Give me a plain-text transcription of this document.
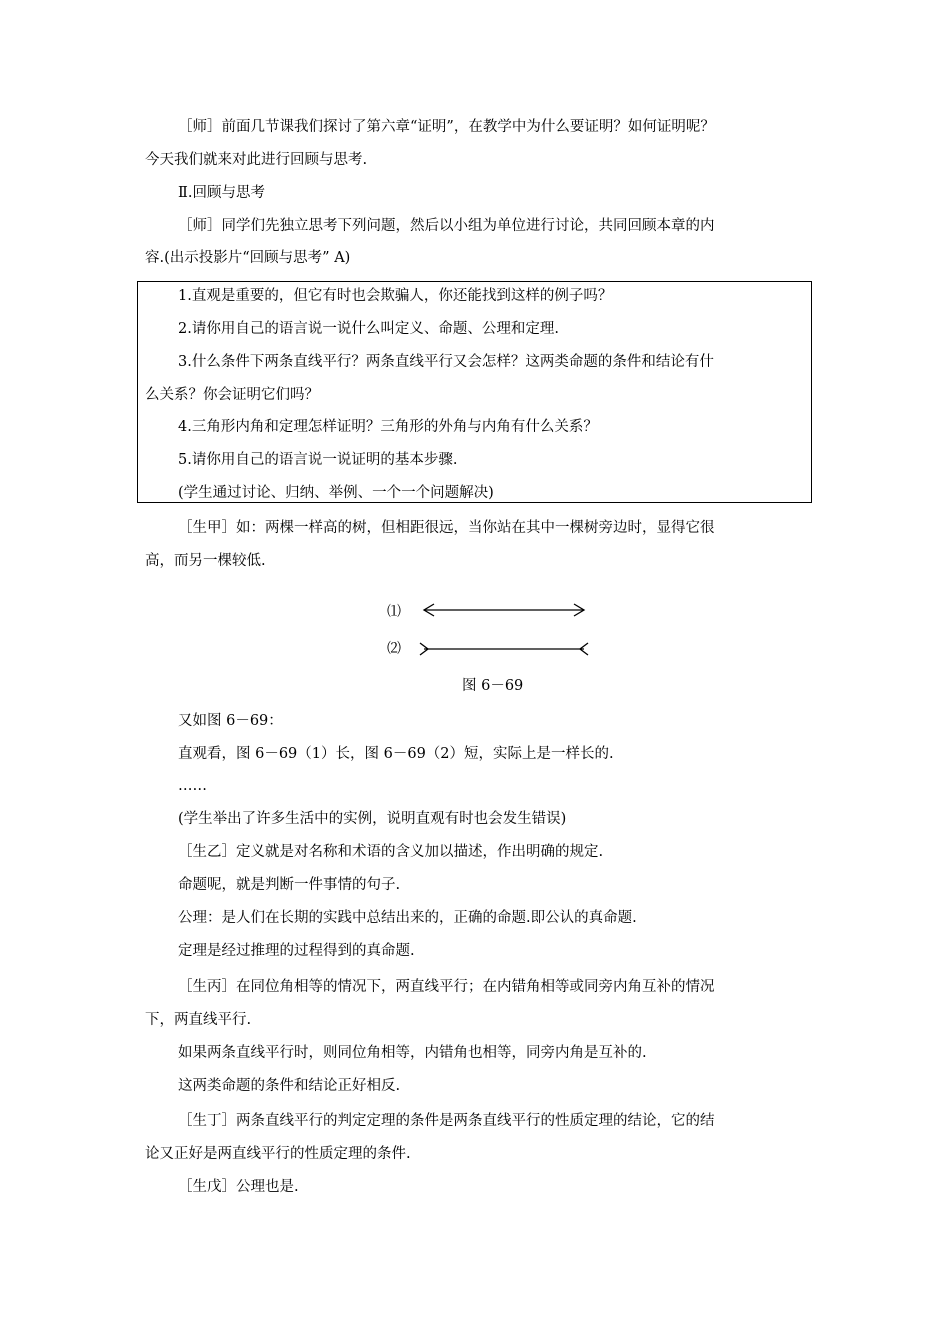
［师］前面几节课我们探讨了第六章“证明”，在教学中为什么要证明？如何证明呢？

今天我们就来对此进行回顾与思考.

Ⅱ.回顾与思考

［师］同学们先独立思考下列问题，然后以小组为单位进行讨论，共同回顾本章的内

容.(出示投影片“回顾与思考” A)

1.直观是重要的，但它有时也会欺骗人，你还能找到这样的例子吗？

2.请你用自己的语言说一说什么叫定义、命题、公理和定理.

3.什么条件下两条直线平行？两条直线平行又会怎样？这两类命题的条件和结论有什

么关系？你会证明它们吗？

4.三角形内角和定理怎样证明？三角形的外角与内角有什么关系？

5.请你用自己的语言说一说证明的基本步骤.

(学生通过讨论、归纳、举例、一个一个问题解决)

［生甲］如：两棵一样高的树，但相距很远，当你站在其中一棵树旁边时，显得它很

高，而另一棵较低.

⑴
⑵

图 6－69

又如图 6－69：

直观看，图 6－69（1）长，图 6－69（2）短，实际上是一样长的.

……

(学生举出了许多生活中的实例，说明直观有时也会发生错误)

［生乙］定义就是对名称和术语的含义加以描述，作出明确的规定.

命题呢，就是判断一件事情的句子.

公理：是人们在长期的实践中总结出来的，正确的命题.即公认的真命题.

定理是经过推理的过程得到的真命题.

［生丙］在同位角相等的情况下，两直线平行；在内错角相等或同旁内角互补的情况

下，两直线平行.

如果两条直线平行时，则同位角相等，内错角也相等，同旁内角是互补的.

这两类命题的条件和结论正好相反.

［生丁］两条直线平行的判定定理的条件是两条直线平行的性质定理的结论，它的结

论又正好是两直线平行的性质定理的条件.

［生戊］公理也是.
